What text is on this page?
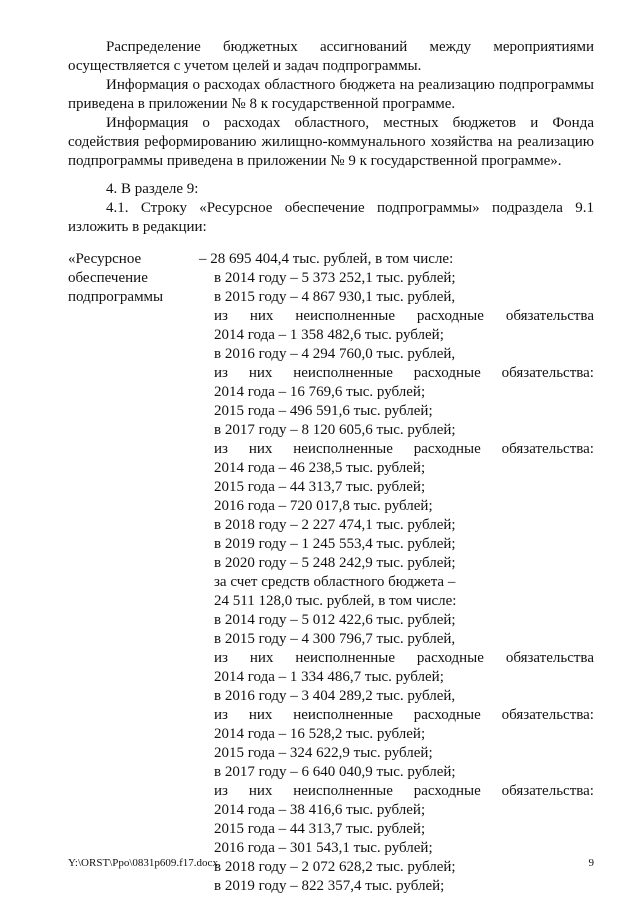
Распределение бюджетных ассигнований между мероприятиями осуществляется с учетом целей и задач подпрограммы.

Информация о расходах областного бюджета на реализацию подпрограммы приведена в приложении № 8 к государственной программе.

Информация о расходах областного, местных бюджетов и Фонда содействия реформированию жилищно-коммунального хозяйства на реализацию подпрограммы приведена в приложении № 9 к государственной программе».

4. В разделе 9:

4.1. Строку «Ресурсное обеспечение подпрограммы» подраздела 9.1 изложить в редакции:

«Ресурсное
обеспечение
подпрограммы
– 28 695 404,4 тыс. рублей, в том числе:
в 2014 году – 5 373 252,1 тыс. рублей;
в 2015 году – 4 867 930,1 тыс. рублей,
из них неисполненные расходные обязательства
2014 года – 1 358 482,6 тыс. рублей;
в 2016 году – 4 294 760,0 тыс. рублей,
из них неисполненные расходные обязательства:
2014 года – 16 769,6 тыс. рублей;
2015 года – 496 591,6 тыс. рублей;
в 2017 году – 8 120 605,6 тыс. рублей;
из них неисполненные расходные обязательства:
2014 года – 46 238,5 тыс. рублей;
2015 года – 44 313,7 тыс. рублей;
2016 года – 720 017,8 тыс. рублей;
в 2018 году – 2 227 474,1 тыс. рублей;
в 2019 году – 1 245 553,4 тыс. рублей;
в 2020 году – 5 248 242,9 тыс. рублей;
за счет средств областного бюджета –
24 511 128,0 тыс. рублей, в том числе:
в 2014 году – 5 012 422,6 тыс. рублей;
в 2015 году – 4 300 796,7 тыс. рублей,
из них неисполненные расходные обязательства
2014 года – 1 334 486,7 тыс. рублей;
в 2016 году – 3 404 289,2 тыс. рублей,
из них неисполненные расходные обязательства:
2014 года – 16 528,2 тыс. рублей;
2015 года – 324 622,9 тыс. рублей;
в 2017 году – 6 640 040,9 тыс. рублей;
из них неисполненные расходные обязательства:
2014 года – 38 416,6 тыс. рублей;
2015 года – 44 313,7 тыс. рублей;
2016 года – 301 543,1 тыс. рублей;
в 2018 году – 2 072 628,2 тыс. рублей;
в 2019 году – 822 357,4 тыс. рублей;
Y:\ORST\Ppo\0831p609.f17.docx	9
